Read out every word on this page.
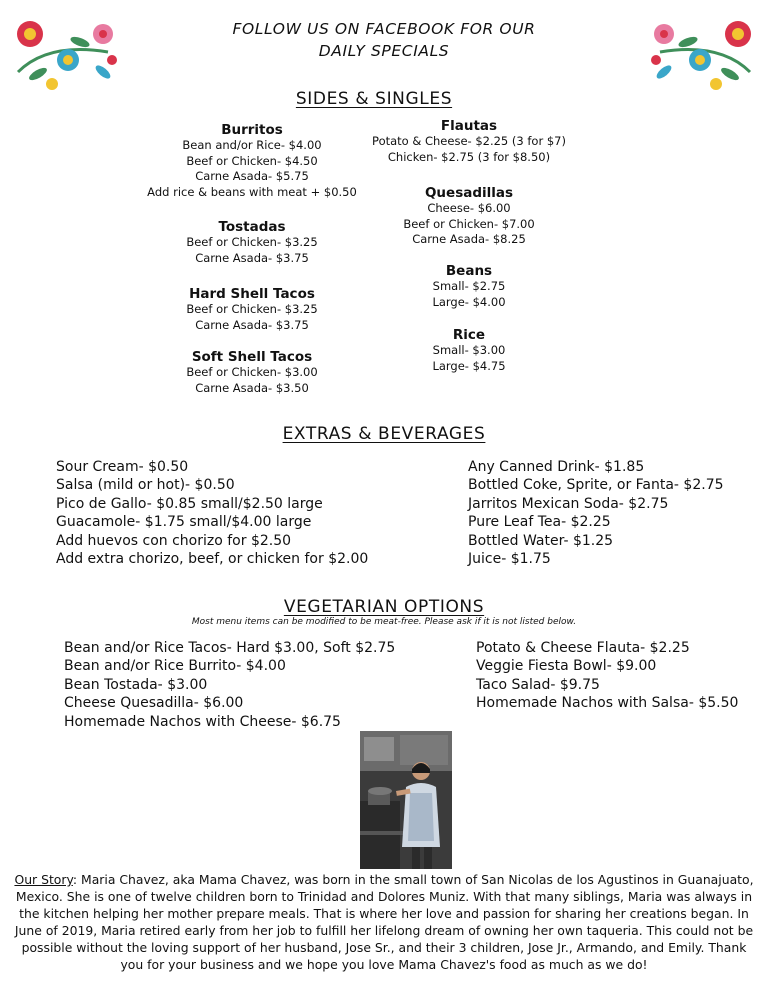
FOLLOW US ON FACEBOOK FOR OUR
DAILY SPECIALS
SIDES & SINGLES
Burritos
Bean and/or Rice- $4.00
Beef or Chicken- $4.50
Carne Asada- $5.75
Add rice & beans with meat + $0.50
Tostadas
Beef or Chicken- $3.25
Carne Asada- $3.75
Hard Shell Tacos
Beef or Chicken- $3.25
Carne Asada- $3.75
Soft Shell Tacos
Beef or Chicken- $3.00
Carne Asada- $3.50
Flautas
Potato & Cheese- $2.25 (3 for $7)
Chicken- $2.75 (3 for $8.50)
Quesadillas
Cheese- $6.00
Beef or Chicken- $7.00
Carne Asada- $8.25
Beans
Small- $2.75
Large- $4.00
Rice
Small- $3.00
Large- $4.75
EXTRAS & BEVERAGES
Sour Cream- $0.50
Salsa (mild or hot)- $0.50
Pico de Gallo- $0.85 small/$2.50 large
Guacamole- $1.75 small/$4.00 large
Add huevos con chorizo for $2.50
Add extra chorizo, beef, or chicken for $2.00
Any Canned Drink- $1.85
Bottled Coke, Sprite, or Fanta- $2.75
Jarritos Mexican Soda- $2.75
Pure Leaf Tea- $2.25
Bottled Water- $1.25
Juice- $1.75
VEGETARIAN OPTIONS
Most menu items can be modified to be meat-free. Please ask if it is not listed below.
Bean and/or Rice Tacos- Hard $3.00, Soft $2.75
Bean and/or Rice Burrito- $4.00
Bean Tostada- $3.00
Cheese Quesadilla- $6.00
Homemade Nachos with Cheese- $6.75
Potato & Cheese Flauta- $2.25
Veggie Fiesta Bowl- $9.00
Taco Salad- $9.75
Homemade Nachos with Salsa- $5.50
Our Story: Maria Chavez, aka Mama Chavez, was born in the small town of San Nicolas de los Agustinos in Guanajuato, Mexico. She is one of twelve children born to Trinidad and Dolores Muniz. With that many siblings, Maria was always in the kitchen helping her mother prepare meals. That is where her love and passion for sharing her creations began. In June of 2019, Maria retired early from her job to fulfill her lifelong dream of owning her own taqueria. This could not be possible without the loving support of her husband, Jose Sr., and their 3 children, Jose Jr., Armando, and Emily. Thank you for your business and we hope you love Mama Chavez's food as much as we do!
